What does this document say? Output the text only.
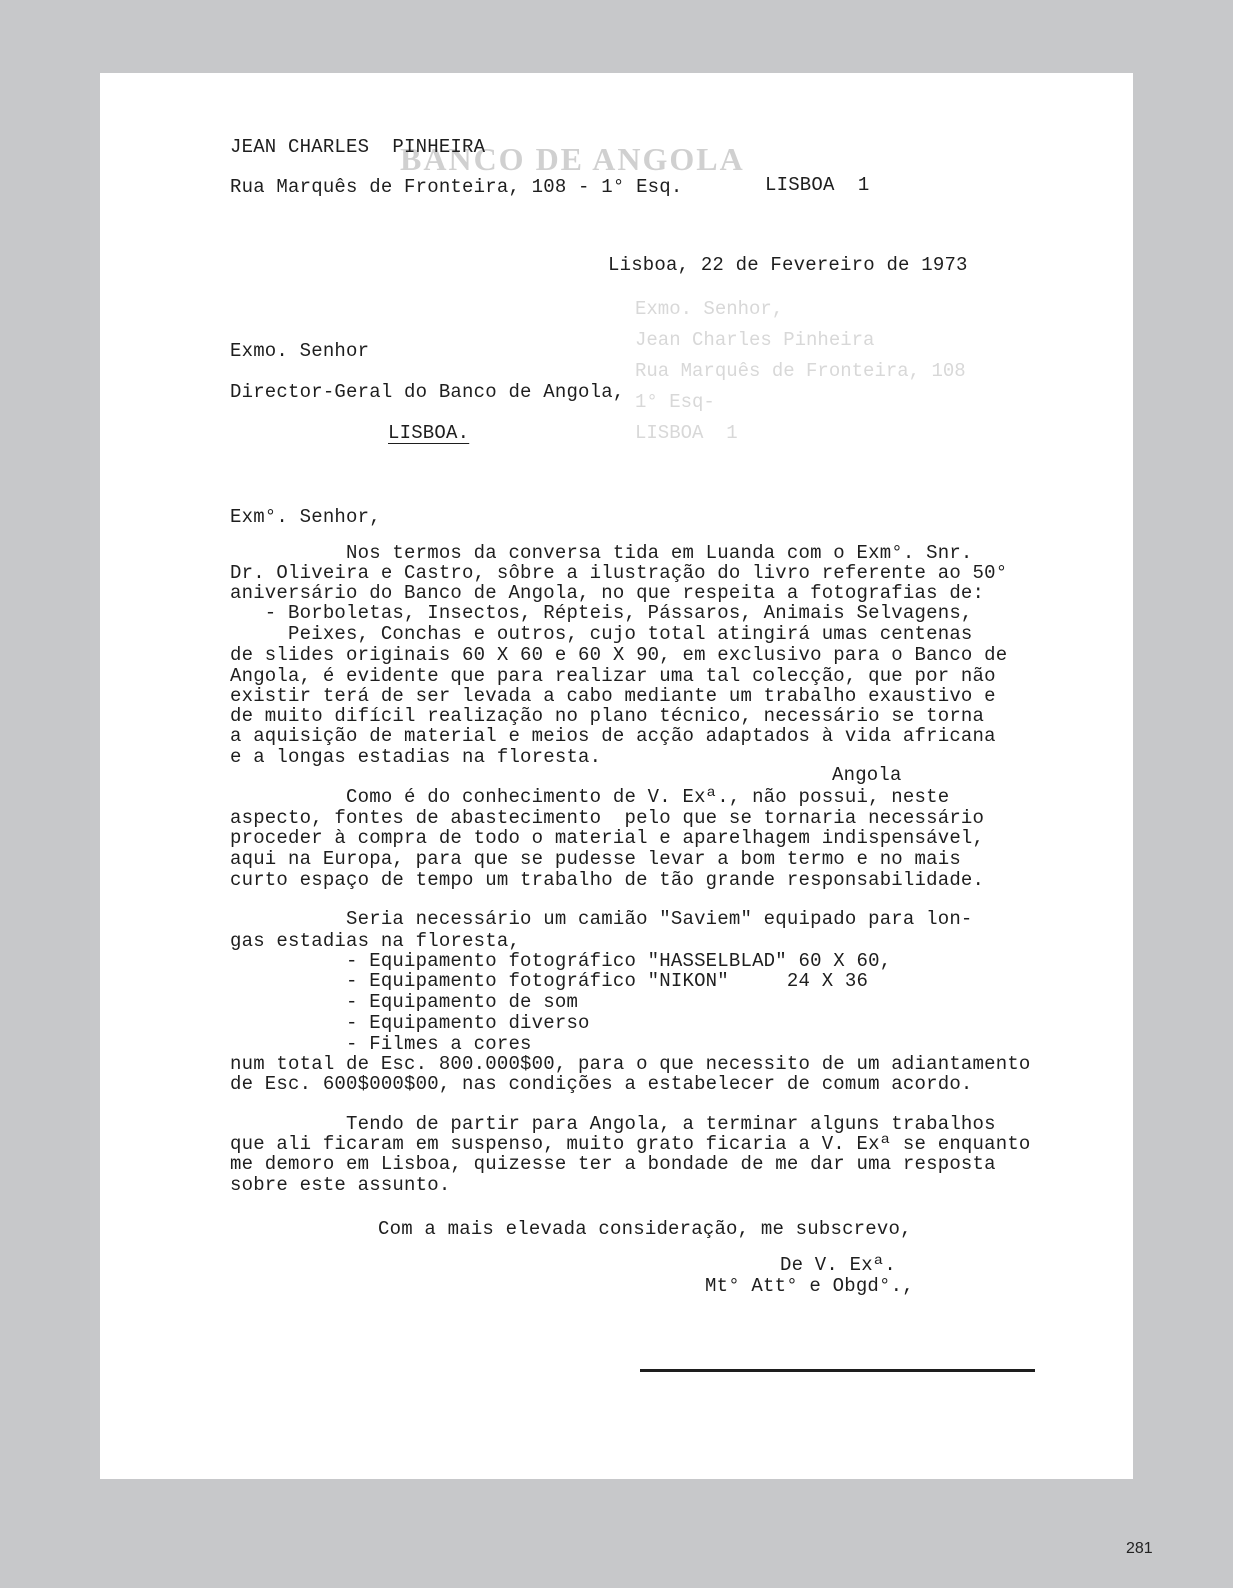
BANCO DE ANGOLA
Exmo. Senhor,
Jean Charles Pinheira
Rua Marquês de Fronteira, 108
1° Esq-
LISBOA  1
JEAN CHARLES  PINHEIRA
Rua Marquês de Fronteira, 108 - 1° Esq.	LISBOA  1
Lisboa, 22 de Fevereiro de 1973
Exmo. Senhor
Director-Geral do Banco de Angola,
LISBOA.
Exm°. Senhor,
Angola
Nos termos da conversa tida em Luanda com o Exm°. Snr.
Dr. Oliveira e Castro, sôbre a ilustração do livro referente ao 50°
aniversário do Banco de Angola, no que respeita a fotografias de:
- Borboletas, Insectos, Répteis, Pássaros, Animais Selvagens,
Peixes, Conchas e outros, cujo total atingirá umas centenas
de slides originais 60 X 60 e 60 X 90, em exclusivo para o Banco de
Angola, é evidente que para realizar uma tal colecção, que por não
existir terá de ser levada a cabo mediante um trabalho exaustivo e
de muito difícil realização no plano técnico, necessário se torna
a aquisição de material e meios de acção adaptados à vida africana
e a longas estadias na floresta.
Como é do conhecimento de V. Exª., não possui, neste
aspecto, fontes de abastecimento  pelo que se tornaria necessário
proceder à compra de todo o material e aparelhagem indispensável,
aqui na Europa, para que se pudesse levar a bom termo e no mais
curto espaço de tempo um trabalho de tão grande responsabilidade.
Seria necessário um camião "Saviem" equipado para lon-
gas estadias na floresta,
- Equipamento fotográfico "HASSELBLAD" 60 X 60,
- Equipamento fotográfico "NIKON"     24 X 36
- Equipamento de som
- Equipamento diverso
- Filmes a cores
num total de Esc. 800.000$00, para o que necessito de um adiantamento
de Esc. 600$000$00, nas condições a estabelecer de comum acordo.
Tendo de partir para Angola, a terminar alguns trabalhos
que ali ficaram em suspenso, muito grato ficaria a V. Exª se enquanto
me demoro em Lisboa, quizesse ter a bondade de me dar uma resposta
sobre este assunto.
Com a mais elevada consideração, me subscrevo,
De V. Exª.
Mt° Att° e Obgd°.,
281
